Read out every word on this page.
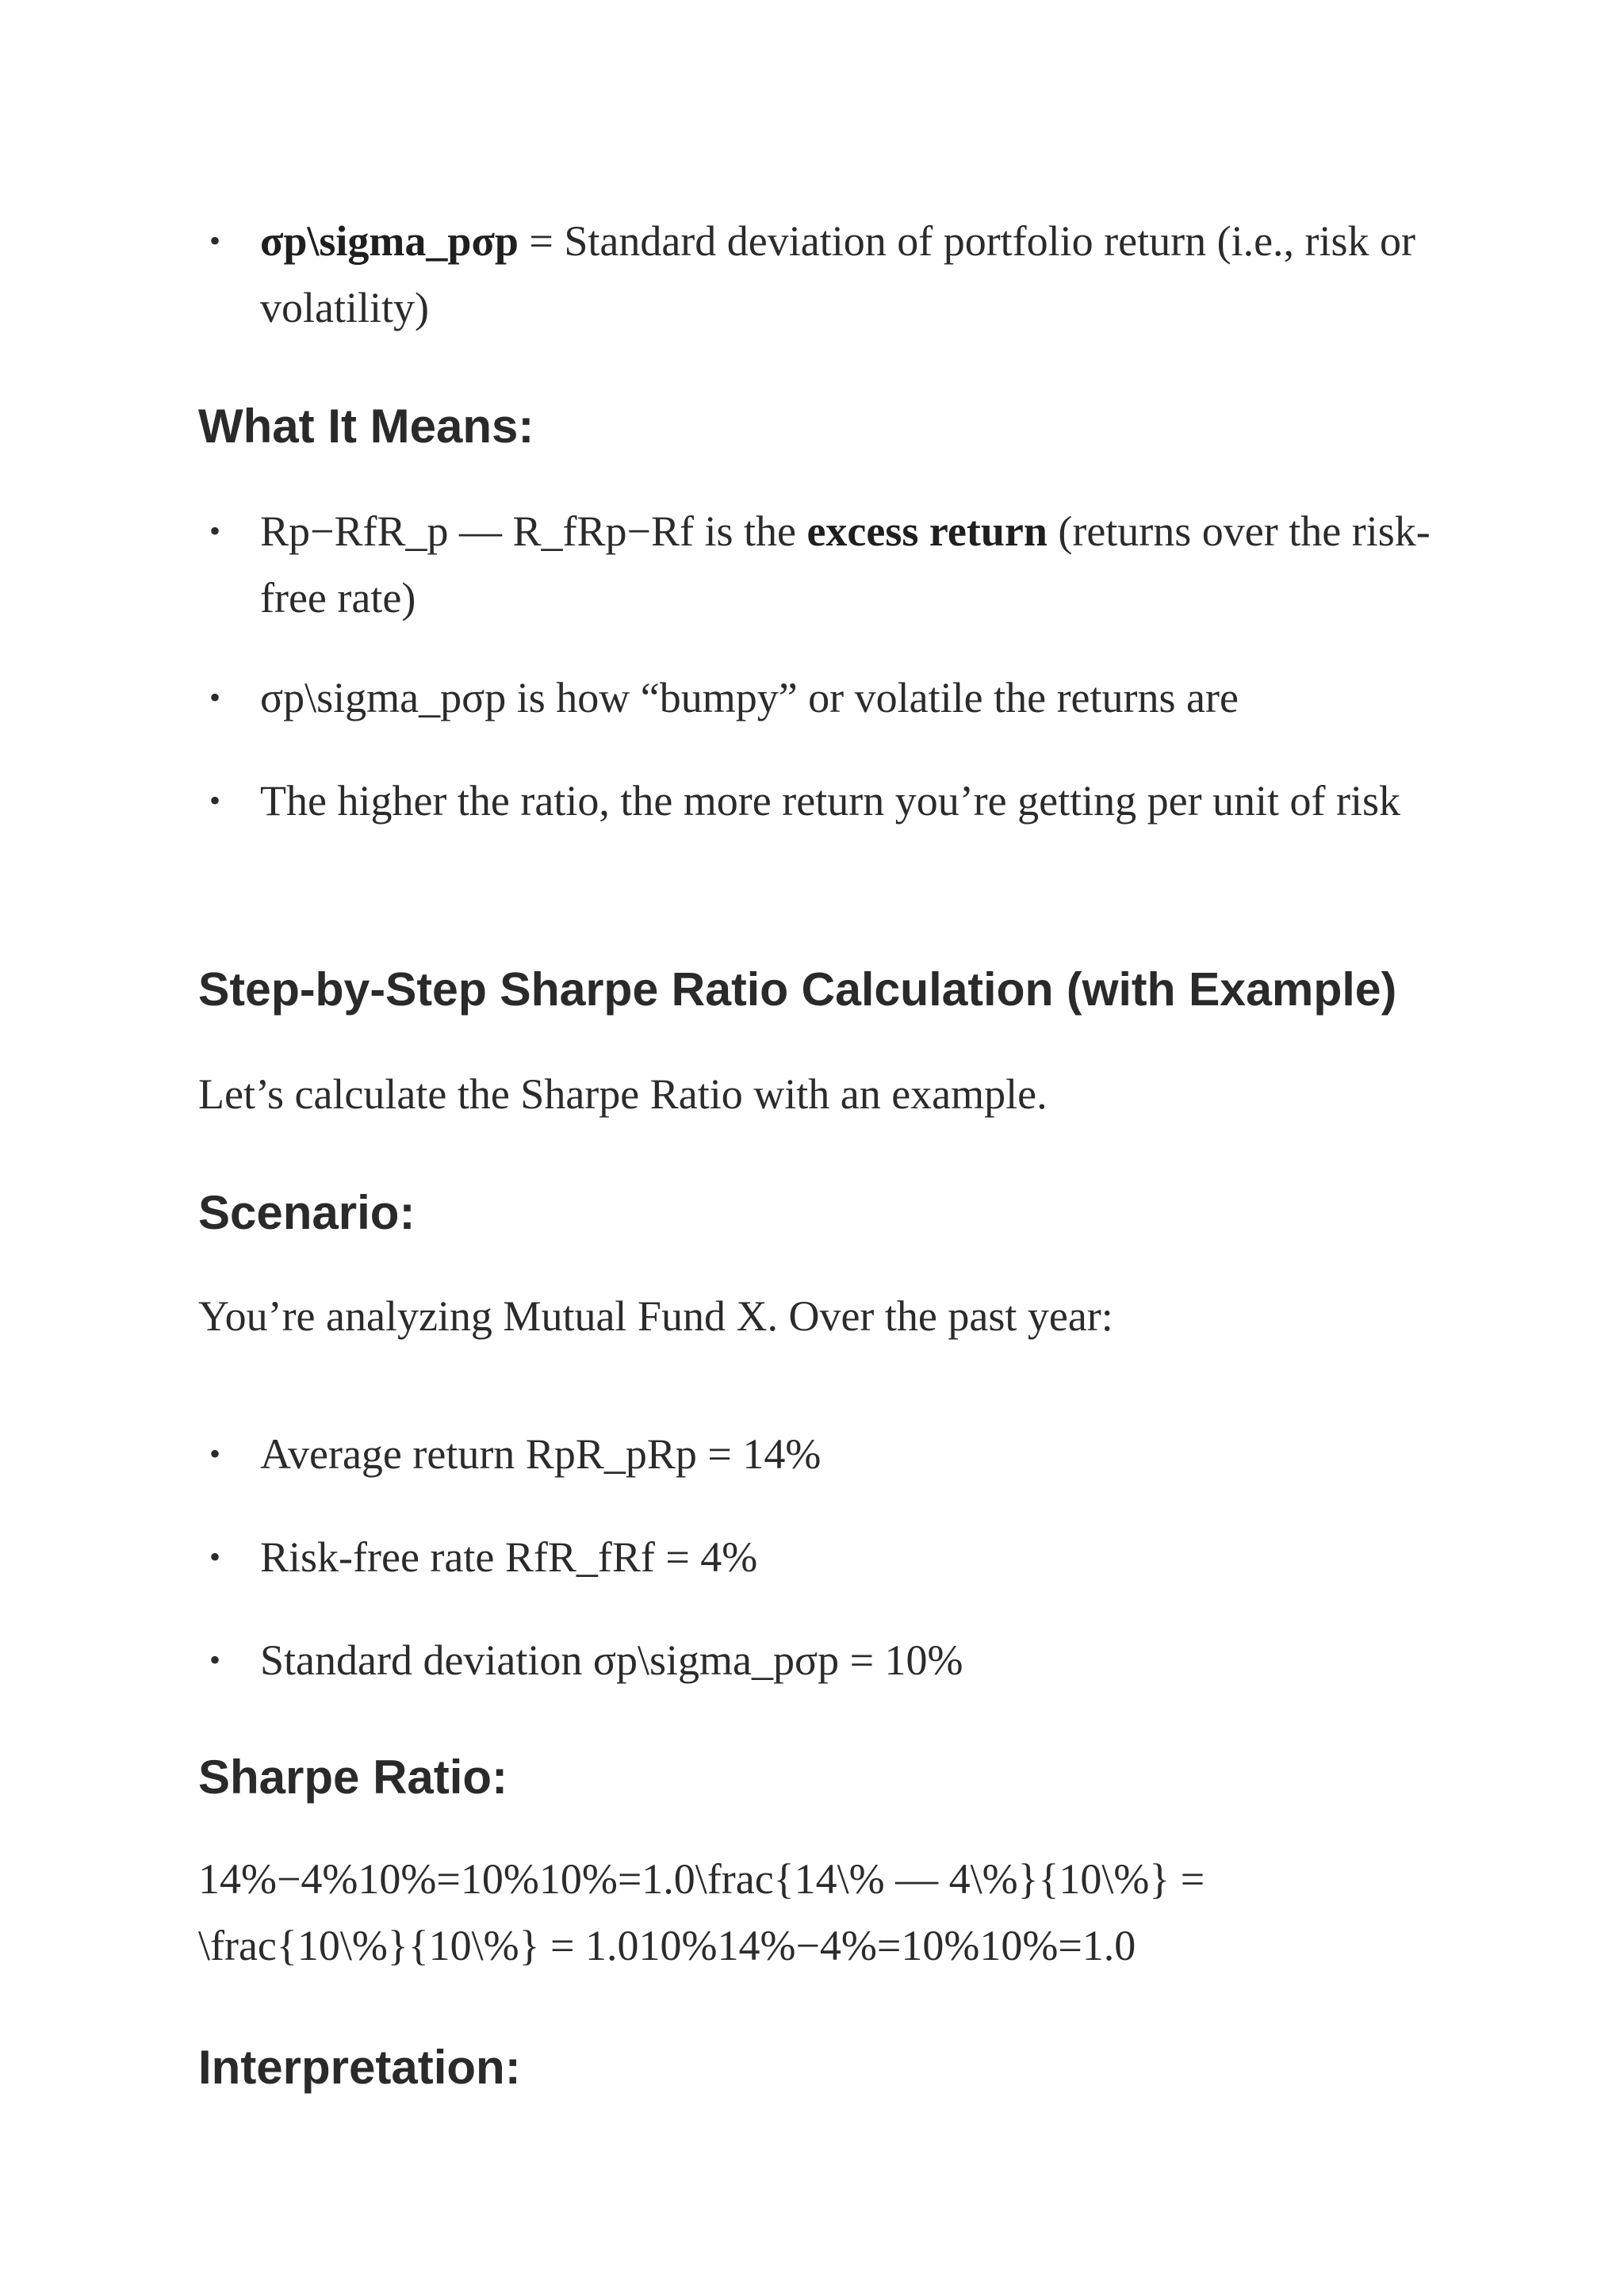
• σp\sigma_pσp = Standard deviation of portfolio return (i.e., risk or volatility)
What It Means:
• Rp−RfR_p — R_fRp−Rf is the excess return (returns over the risk-free rate)
• σp\sigma_pσp is how “bumpy” or volatile the returns are
• The higher the ratio, the more return you’re getting per unit of risk
Step-by-Step Sharpe Ratio Calculation (with Example)

Let’s calculate the Sharpe Ratio with an example.

Scenario:

You’re analyzing Mutual Fund X. Over the past year:

• Average return RpR_pRp = 14%
• Risk-free rate RfR_fRf = 4%
• Standard deviation σp\sigma_pσp = 10%
Sharpe Ratio:

14%−4%10%=10%10%=1.0\frac{14\% — 4\%}{10\%} = \frac{10\%}{10\%} = 1.010%14%−4%=10%10%=1.0

Interpretation:
